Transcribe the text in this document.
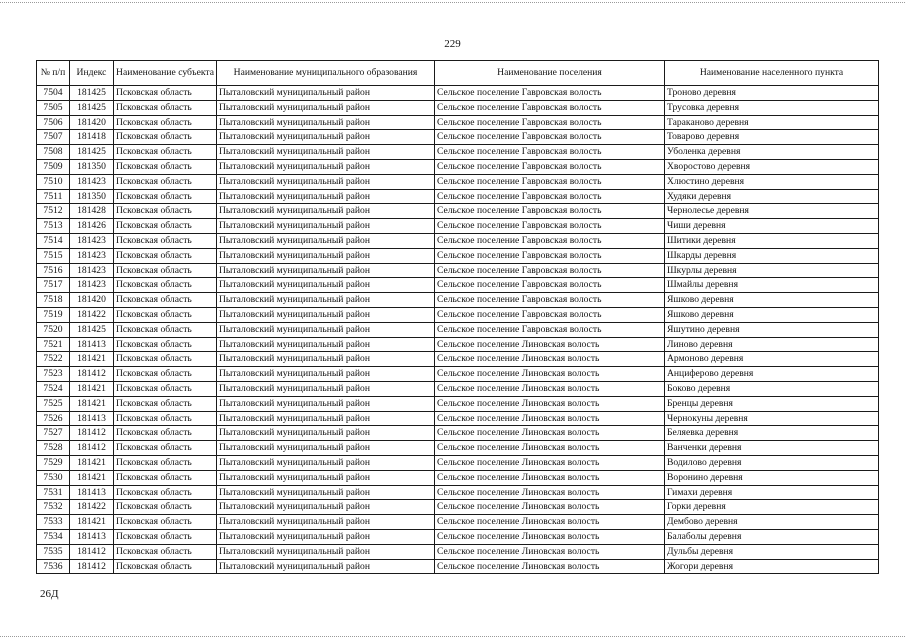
229
№ п/п	Индекс	Наименование субъекта	Наименование муниципального образования	Наименование поселения	Наименование населенного пункта
7504	181425	Псковская область	Пыталовский муниципальный район	Сельское поселение Гавровская волость	Троново деревня
7505	181425	Псковская область	Пыталовский муниципальный район	Сельское поселение Гавровская волость	Трусовка деревня
7506	181420	Псковская область	Пыталовский муниципальный район	Сельское поселение Гавровская волость	Тараканово деревня
7507	181418	Псковская область	Пыталовский муниципальный район	Сельское поселение Гавровская волость	Товарово деревня
7508	181425	Псковская область	Пыталовский муниципальный район	Сельское поселение Гавровская волость	Уболенка деревня
7509	181350	Псковская область	Пыталовский муниципальный район	Сельское поселение Гавровская волость	Хворостово деревня
7510	181423	Псковская область	Пыталовский муниципальный район	Сельское поселение Гавровская волость	Хлюстино деревня
7511	181350	Псковская область	Пыталовский муниципальный район	Сельское поселение Гавровская волость	Худяки деревня
7512	181428	Псковская область	Пыталовский муниципальный район	Сельское поселение Гавровская волость	Чернолесье деревня
7513	181426	Псковская область	Пыталовский муниципальный район	Сельское поселение Гавровская волость	Чиши деревня
7514	181423	Псковская область	Пыталовский муниципальный район	Сельское поселение Гавровская волость	Шитики деревня
7515	181423	Псковская область	Пыталовский муниципальный район	Сельское поселение Гавровская волость	Шкарды деревня
7516	181423	Псковская область	Пыталовский муниципальный район	Сельское поселение Гавровская волость	Шкурлы деревня
7517	181423	Псковская область	Пыталовский муниципальный район	Сельское поселение Гавровская волость	Шмайлы деревня
7518	181420	Псковская область	Пыталовский муниципальный район	Сельское поселение Гавровская волость	Яшково деревня
7519	181422	Псковская область	Пыталовский муниципальный район	Сельское поселение Гавровская волость	Яшково деревня
7520	181425	Псковская область	Пыталовский муниципальный район	Сельское поселение Гавровская волость	Яшутино деревня
7521	181413	Псковская область	Пыталовский муниципальный район	Сельское поселение Линовская волость	Линово деревня
7522	181421	Псковская область	Пыталовский муниципальный район	Сельское поселение Линовская волость	Армоново деревня
7523	181412	Псковская область	Пыталовский муниципальный район	Сельское поселение Линовская волость	Анциферово деревня
7524	181421	Псковская область	Пыталовский муниципальный район	Сельское поселение Линовская волость	Боково деревня
7525	181421	Псковская область	Пыталовский муниципальный район	Сельское поселение Линовская волость	Бренцы деревня
7526	181413	Псковская область	Пыталовский муниципальный район	Сельское поселение Линовская волость	Чернокуны деревня
7527	181412	Псковская область	Пыталовский муниципальный район	Сельское поселение Линовская волость	Беляевка деревня
7528	181412	Псковская область	Пыталовский муниципальный район	Сельское поселение Линовская волость	Ванченки деревня
7529	181421	Псковская область	Пыталовский муниципальный район	Сельское поселение Линовская волость	Водилово деревня
7530	181421	Псковская область	Пыталовский муниципальный район	Сельское поселение Линовская волость	Воронино деревня
7531	181413	Псковская область	Пыталовский муниципальный район	Сельское поселение Линовская волость	Гимахи деревня
7532	181422	Псковская область	Пыталовский муниципальный район	Сельское поселение Линовская волость	Горки деревня
7533	181421	Псковская область	Пыталовский муниципальный район	Сельское поселение Линовская волость	Дембово деревня
7534	181413	Псковская область	Пыталовский муниципальный район	Сельское поселение Линовская волость	Балаболы деревня
7535	181412	Псковская область	Пыталовский муниципальный район	Сельское поселение Линовская волость	Дульбы деревня
7536	181412	Псковская область	Пыталовский муниципальный район	Сельское поселение Линовская волость	Жогори деревня
26Д
